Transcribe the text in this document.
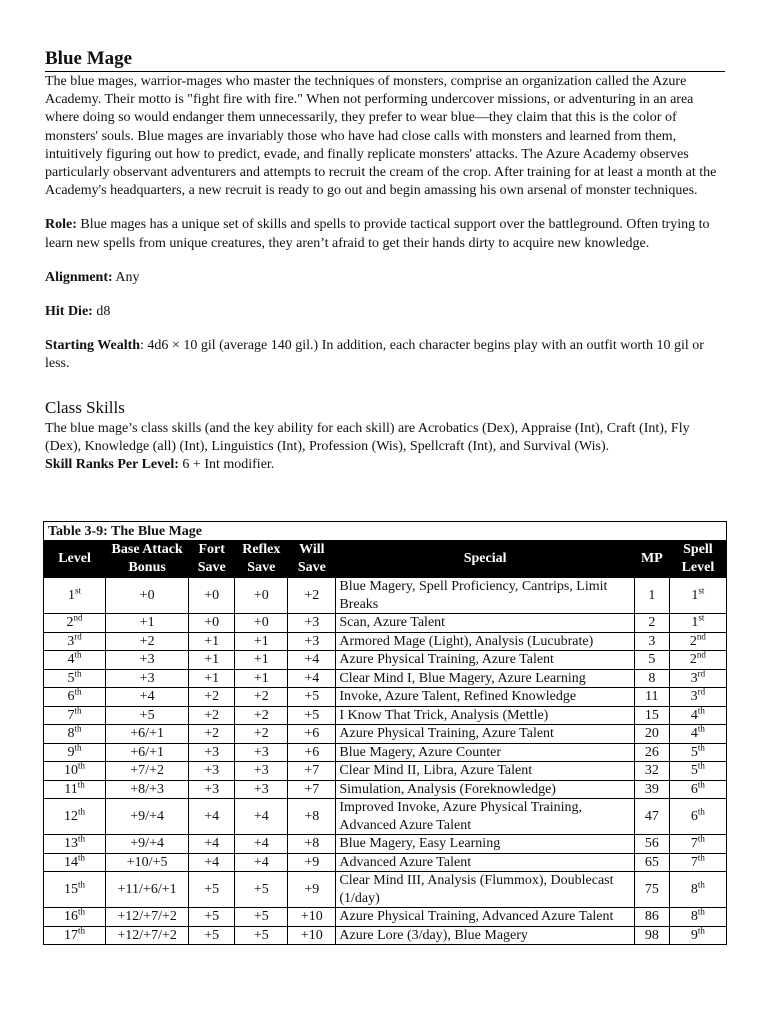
Blue Mage

The blue mages, warrior-mages who master the techniques of monsters, comprise an organization called the Azure Academy. Their motto is "fight fire with fire." When not performing undercover missions, or adventuring in an area where doing so would endanger them unnecessarily, they prefer to wear blue—they claim that this is the color of monsters' souls. Blue mages are invariably those who have had close calls with monsters and learned from them, intuitively figuring out how to predict, evade, and finally replicate monsters' attacks. The Azure Academy observes particularly observant adventurers and attempts to recruit the cream of the crop. After training for at least a month at the Academy's headquarters, a new recruit is ready to go out and begin amassing his own arsenal of monster techniques.

Role: Blue mages has a unique set of skills and spells to provide tactical support over the battleground. Often trying to learn new spells from unique creatures, they aren’t afraid to get their hands dirty to acquire new knowledge.

Alignment: Any

Hit Die: d8

Starting Wealth: 4d6 × 10 gil (average 140 gil.) In addition, each character begins play with an outfit worth 10 gil or less.

Class Skills

The blue mage’s class skills (and the key ability for each skill) are Acrobatics (Dex), Appraise (Int), Craft (Int), Fly (Dex), Knowledge (all) (Int), Linguistics (Int), Profession (Wis), Spellcraft (Int), and Survival (Wis).

Skill Ranks Per Level: 6 + Int modifier.

Table 3-9: The Blue Mage							
Level	Base Attack Bonus	Fort Save	Reflex Save	Will Save	Special	MP	Spell Level
1st	+0	+0	+0	+2	Blue Magery, Spell Proficiency, Cantrips, Limit Breaks	1	1st
2nd	+1	+0	+0	+3	Scan, Azure Talent	2	1st
3rd	+2	+1	+1	+3	Armored Mage (Light), Analysis (Lucubrate)	3	2nd
4th	+3	+1	+1	+4	Azure Physical Training, Azure Talent	5	2nd
5th	+3	+1	+1	+4	Clear Mind I, Blue Magery, Azure Learning	8	3rd
6th	+4	+2	+2	+5	Invoke, Azure Talent, Refined Knowledge	11	3rd
7th	+5	+2	+2	+5	I Know That Trick, Analysis (Mettle)	15	4th
8th	+6/+1	+2	+2	+6	Azure Physical Training, Azure Talent	20	4th
9th	+6/+1	+3	+3	+6	Blue Magery, Azure Counter	26	5th
10th	+7/+2	+3	+3	+7	Clear Mind II, Libra, Azure Talent	32	5th
11th	+8/+3	+3	+3	+7	Simulation, Analysis (Foreknowledge)	39	6th
12th	+9/+4	+4	+4	+8	Improved Invoke, Azure Physical Training, Advanced Azure Talent	47	6th
13th	+9/+4	+4	+4	+8	Blue Magery, Easy Learning	56	7th
14th	+10/+5	+4	+4	+9	Advanced Azure Talent	65	7th
15th	+11/+6/+1	+5	+5	+9	Clear Mind III, Analysis (Flummox), Doublecast (1/day)	75	8th
16th	+12/+7/+2	+5	+5	+10	Azure Physical Training, Advanced Azure Talent	86	8th
17th	+12/+7/+2	+5	+5	+10	Azure Lore (3/day), Blue Magery	98	9th
